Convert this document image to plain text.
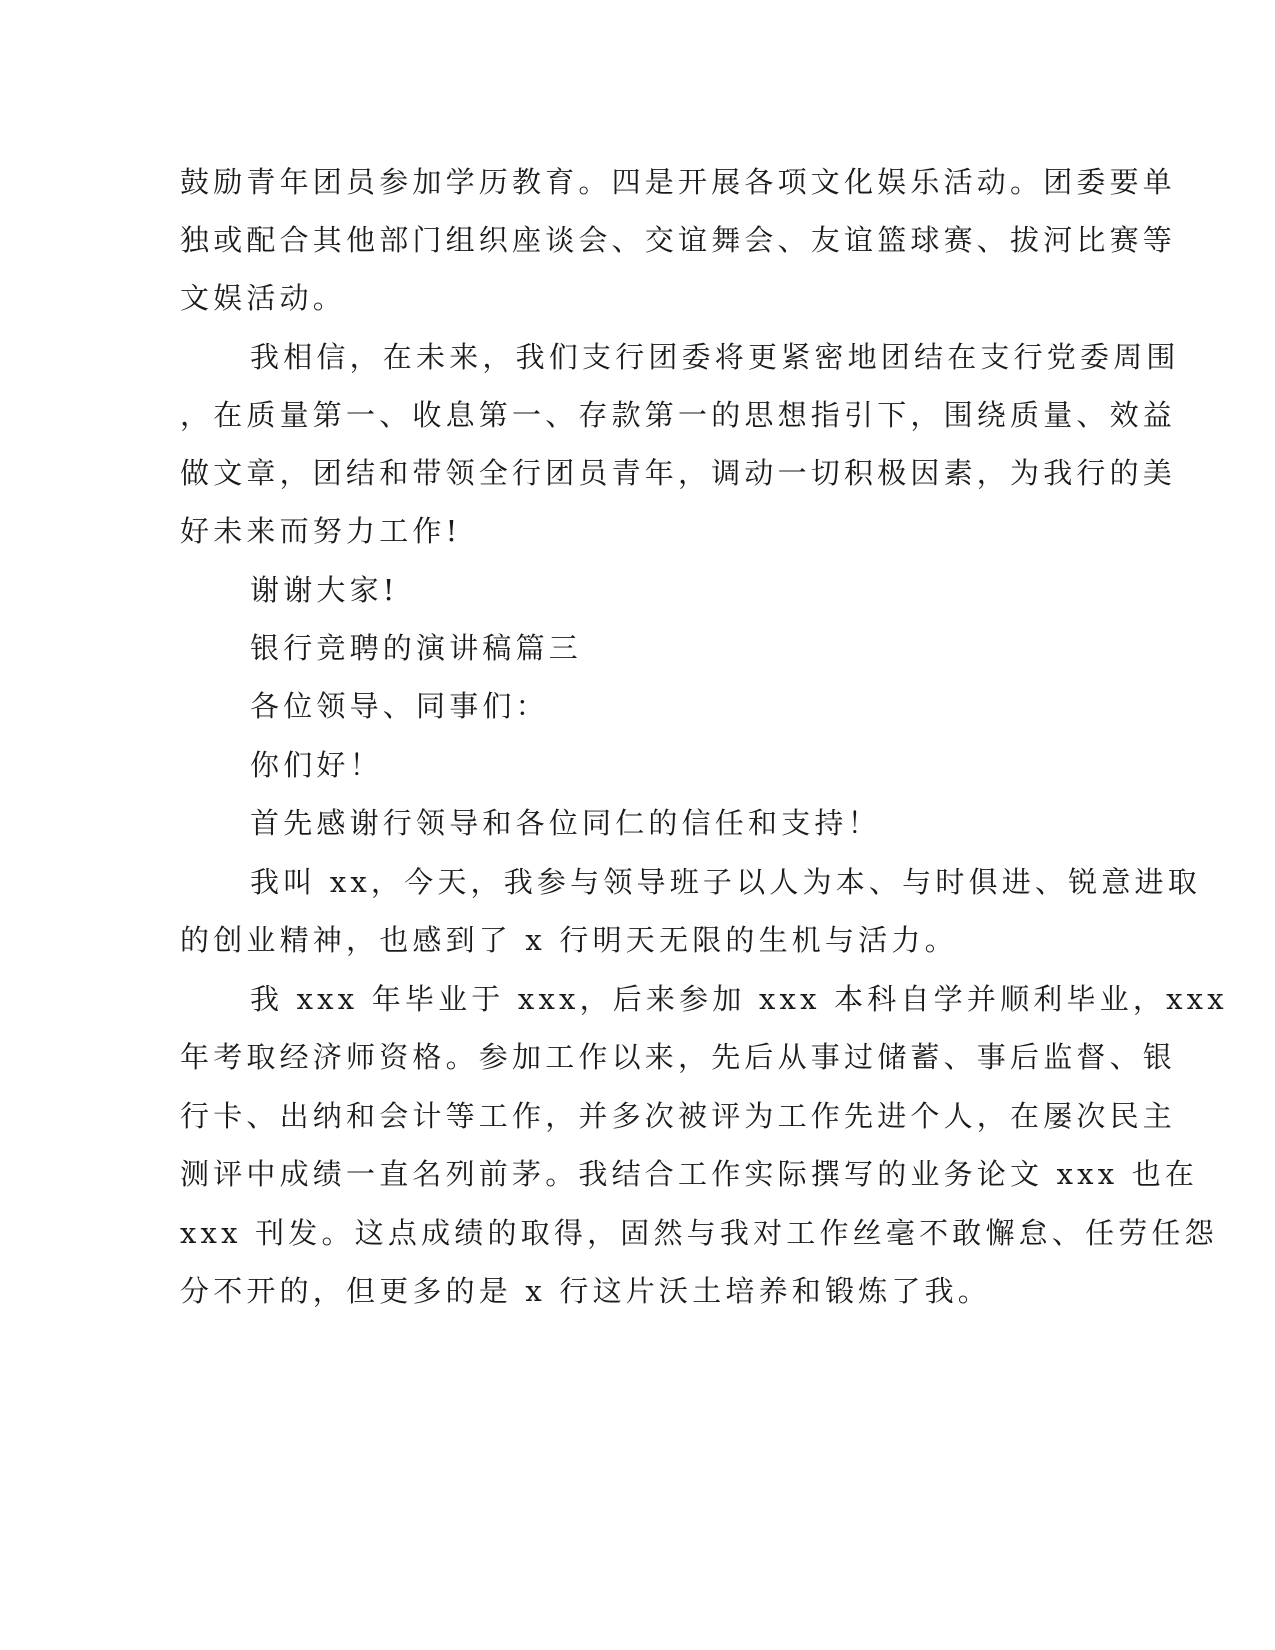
鼓励青年团员参加学历教育。四是开展各项文化娱乐活动。团委要单
独或配合其他部门组织座谈会、交谊舞会、友谊篮球赛、拔河比赛等
文娱活动。
我相信，在未来，我们支行团委将更紧密地团结在支行党委周围
，在质量第一、收息第一、存款第一的思想指引下，围绕质量、效益
做文章，团结和带领全行团员青年，调动一切积极因素，为我行的美
好未来而努力工作!
谢谢大家!
银行竞聘的演讲稿篇三
各位领导、同事们：
你们好！
首先感谢行领导和各位同仁的信任和支持！
我叫 xx，今天，我参与领导班子以人为本、与时俱进、锐意进取
的创业精神，也感到了 x 行明天无限的生机与活力。
我 xxx 年毕业于 xxx，后来参加 xxx 本科自学并顺利毕业，xxx
年考取经济师资格。参加工作以来，先后从事过储蓄、事后监督、银
行卡、出纳和会计等工作，并多次被评为工作先进个人，在屡次民主
测评中成绩一直名列前茅。我结合工作实际撰写的业务论文 xxx 也在
xxx 刊发。这点成绩的取得，固然与我对工作丝毫不敢懈怠、任劳任怨
分不开的，但更多的是 x 行这片沃土培养和锻炼了我。
